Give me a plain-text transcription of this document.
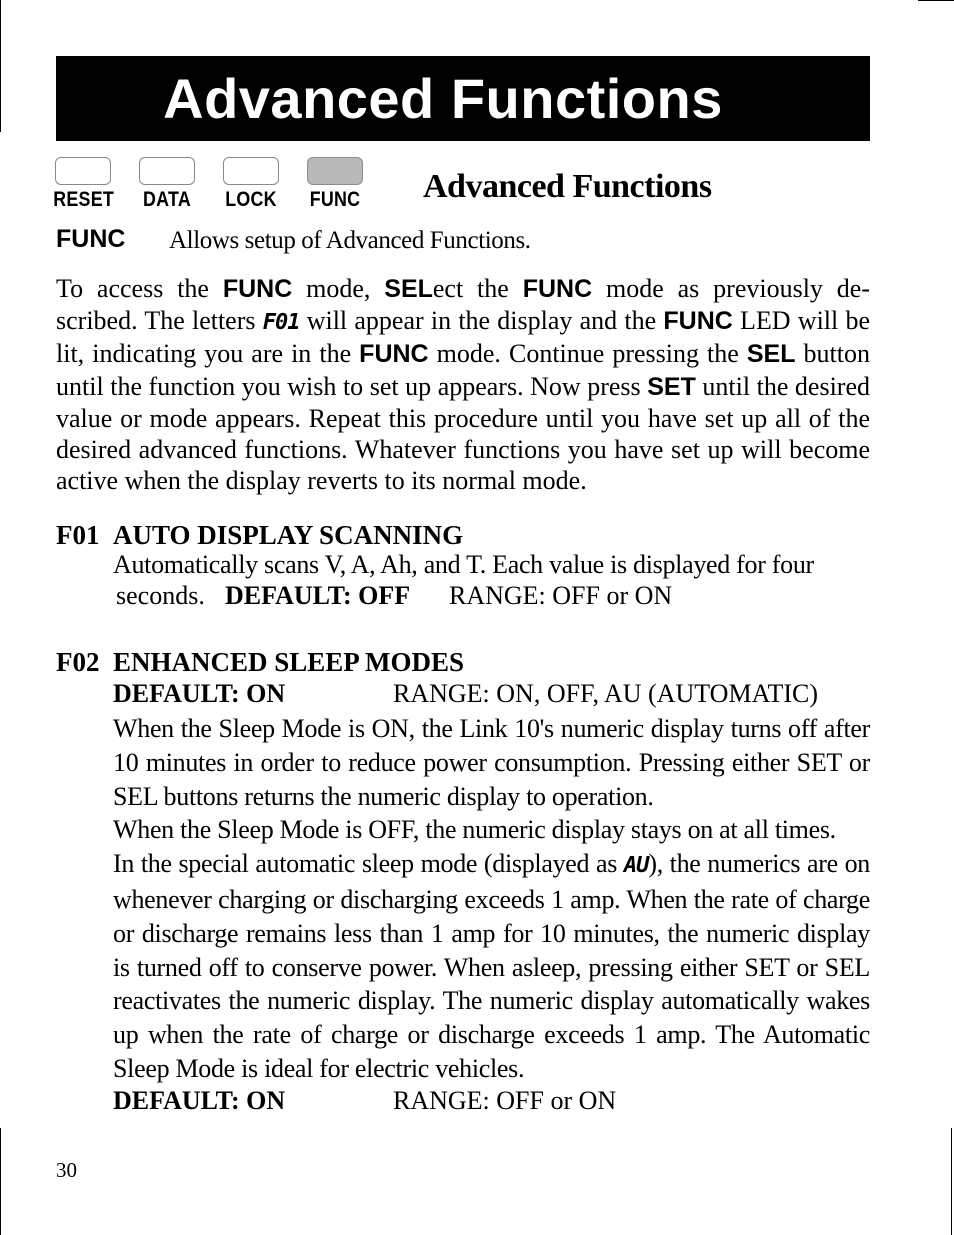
Advanced Functions
RESET DATA LOCK FUNC Advanced Functions
FUNC Allows setup of Advanced Functions.

To access the FUNC mode, SELect the FUNC mode as previously de-scribed. The letters F01 will appear in the display and the FUNC LED will be lit, indicating you are in the FUNC mode. Continue pressing the SEL button until the function you wish to set up appears. Now press SET until the desired value or mode appears. Repeat this procedure until you have set up all of the desired advanced functions. Whatever functions you have set up will become active when the display reverts to its normal mode.

F01 AUTO DISPLAY SCANNING
Automatically scans V, A, Ah, and T. Each value is displayed for four
seconds. DEFAULT: OFF RANGE: OFF or ON
F02 ENHANCED SLEEP MODES
DEFAULT: ON	RANGE: ON, OFF, AU (AUTOMATIC)
When the Sleep Mode is ON, the Link 10's numeric display turns off after 10 minutes in order to reduce power consumption. Pressing either SET or SEL buttons returns the numeric display to operation.
When the Sleep Mode is OFF, the numeric display stays on at all times.
In the special automatic sleep mode (displayed as AU), the numerics are on whenever charging or discharging exceeds 1 amp. When the rate of charge or discharge remains less than 1 amp for 10 minutes, the numeric display is turned off to conserve power. When asleep, pressing either SET or SEL reactivates the numeric display. The numeric display automatically wakes up when the rate of charge or discharge exceeds 1 amp. The Automatic Sleep Mode is ideal for electric vehicles.
DEFAULT: ON	RANGE: OFF or ON
30
